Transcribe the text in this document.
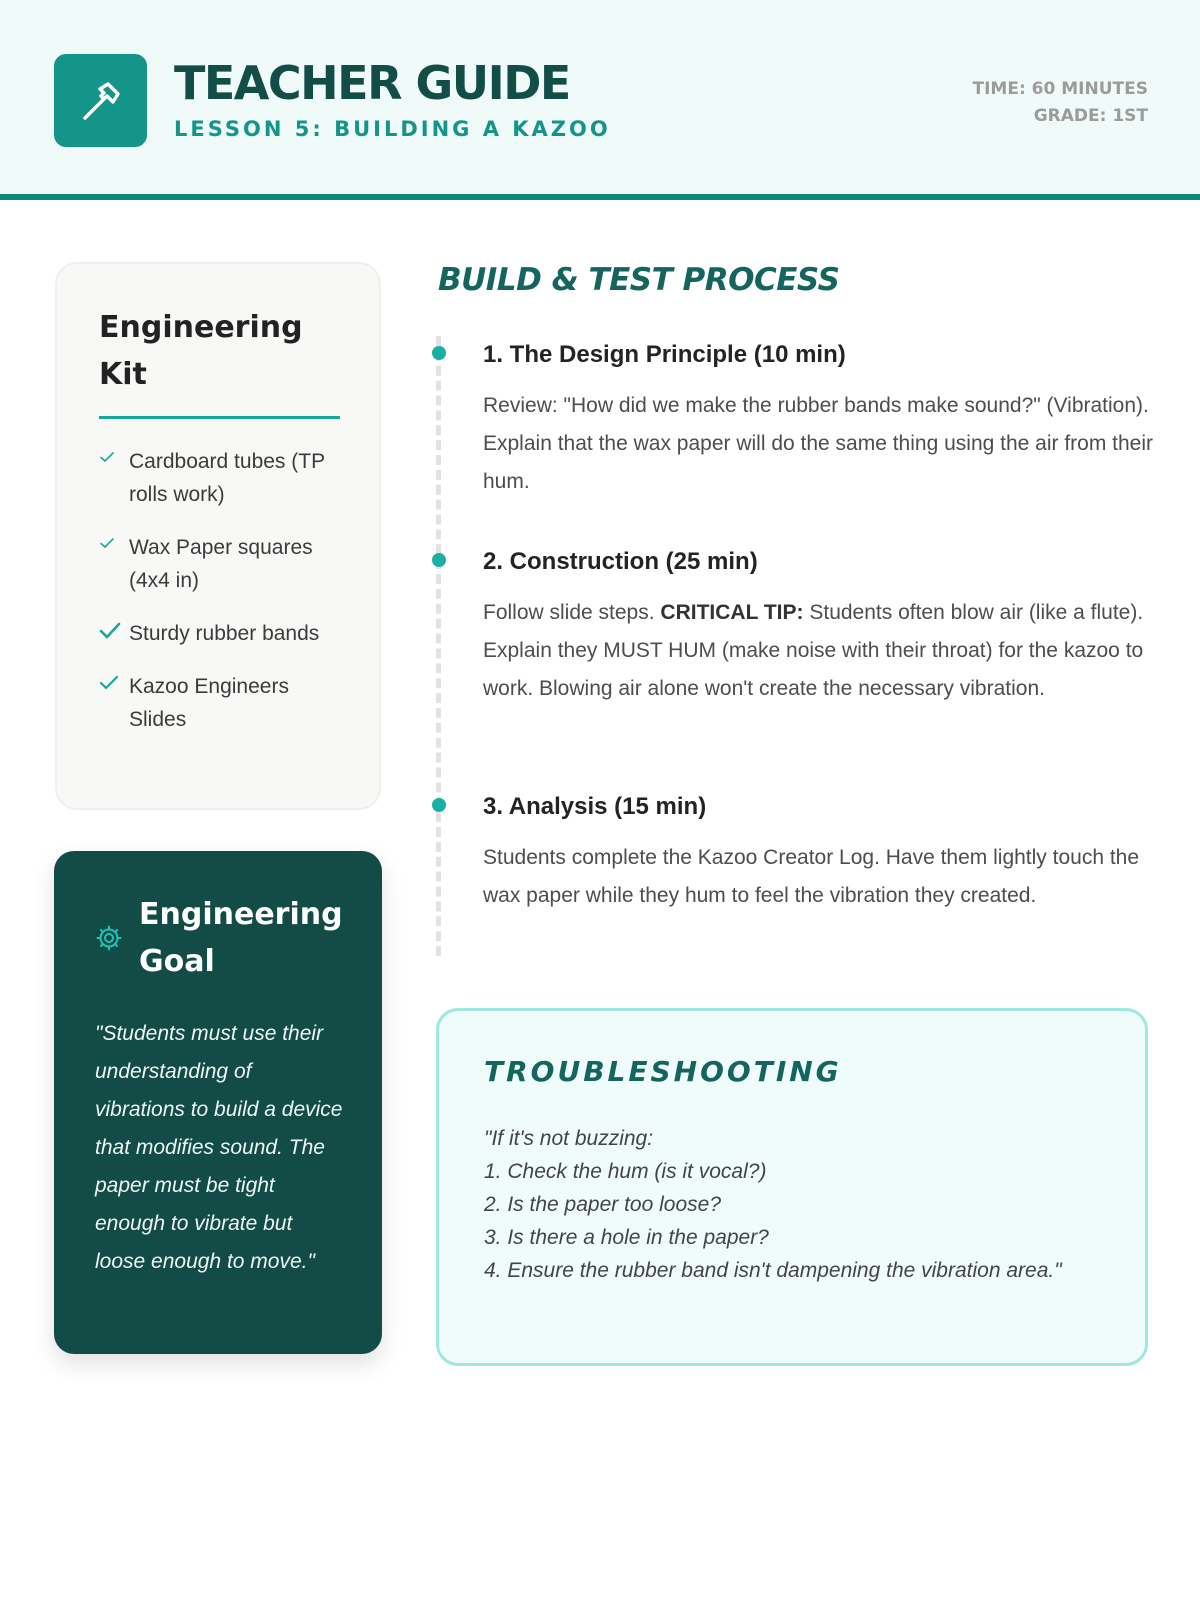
TEACHER GUIDE
LESSON 5: BUILDING A KAZOO
TIME: 60 MINUTES
GRADE: 1ST
Engineering Kit
Cardboard tubes (TP rolls work)
Wax Paper squares (4x4 in)
Sturdy rubber bands
Kazoo Engineers Slides
Engineering Goal
"Students must use their understanding of vibrations to build a device that modifies sound. The paper must be tight enough to vibrate but loose enough to move."
BUILD & TEST PROCESS
1. The Design Principle (10 min)
Review: "How did we make the rubber bands make sound?" (Vibration). Explain that the wax paper will do the same thing using the air from their hum.
2. Construction (25 min)
Follow slide steps. CRITICAL TIP: Students often blow air (like a flute). Explain they MUST HUM (make noise with their throat) for the kazoo to work. Blowing air alone won't create the necessary vibration.
3. Analysis (15 min)
Students complete the Kazoo Creator Log. Have them lightly touch the wax paper while they hum to feel the vibration they created.
TROUBLESHOOTING
"If it's not buzzing:
1. Check the hum (is it vocal?)
2. Is the paper too loose?
3. Is there a hole in the paper?
4. Ensure the rubber band isn't dampening the vibration area."
